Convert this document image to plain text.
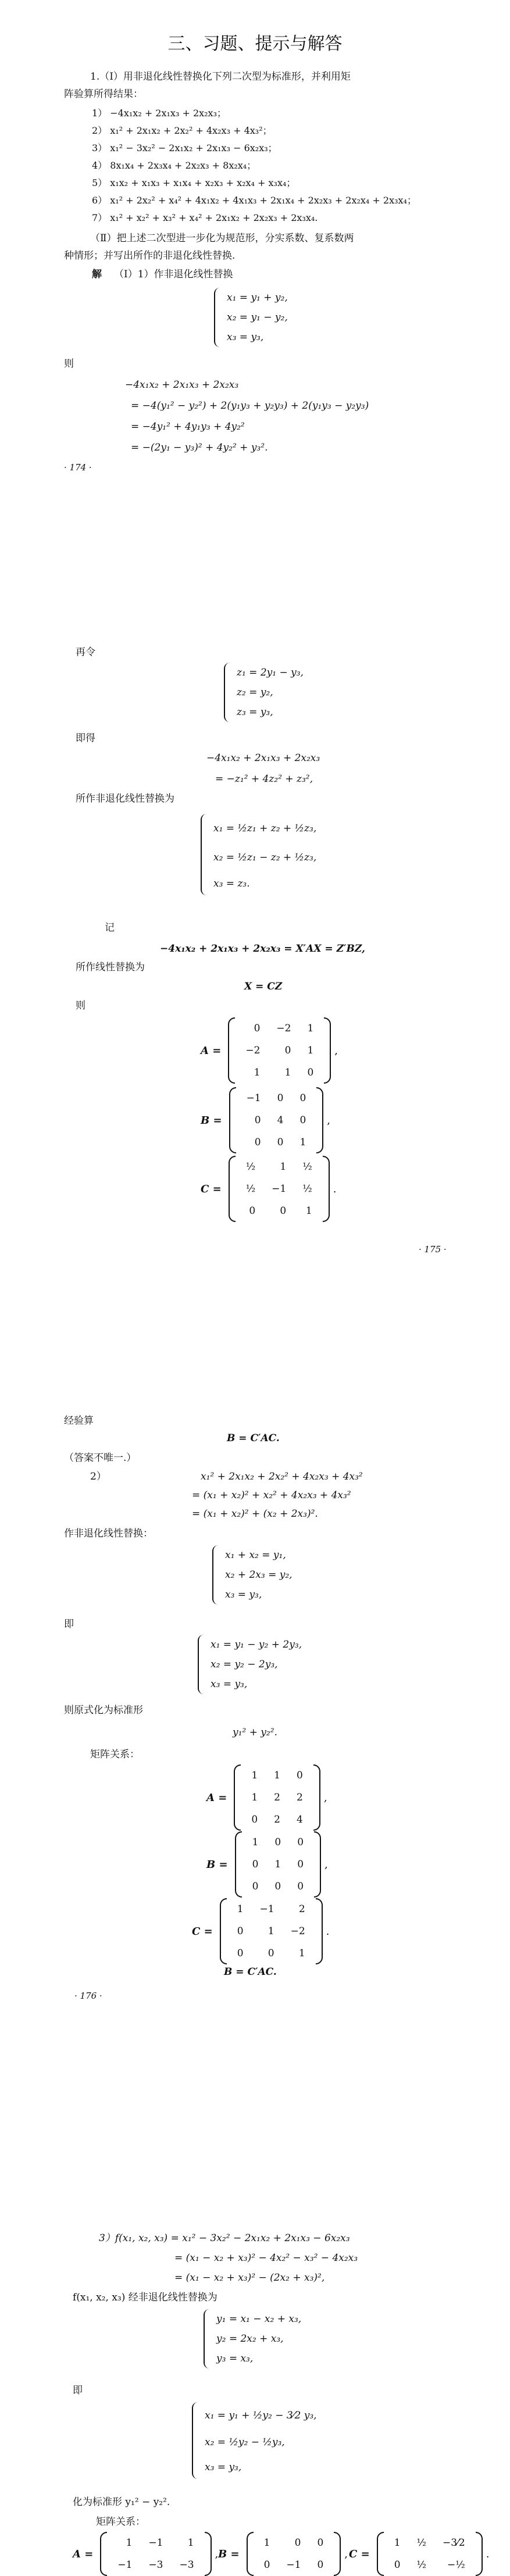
三、习题、提示与解答
1.（Ⅰ）用非退化线性替换化下列二次型为标准形，并利用矩
阵验算所得结果：
1） −4x₁x₂ + 2x₁x₃ + 2x₂x₃；
2） x₁² + 2x₁x₂ + 2x₂² + 4x₂x₃ + 4x₃²；
3） x₁² − 3x₂² − 2x₁x₂ + 2x₁x₃ − 6x₂x₃；
4） 8x₁x₄ + 2x₃x₄ + 2x₂x₃ + 8x₂x₄；
5） x₁x₂ + x₁x₃ + x₁x₄ + x₂x₃ + x₂x₄ + x₃x₄；
6） x₁² + 2x₂² + x₄² + 4x₁x₂ + 4x₁x₃ + 2x₁x₄ + 2x₂x₃ + 2x₂x₄ + 2x₃x₄；
7） x₁² + x₂² + x₃² + x₄² + 2x₁x₂ + 2x₂x₃ + 2x₃x₄.
（Ⅱ）把上述二次型进一步化为规范形，分实系数、复系数两
种情形；并写出所作的非退化线性替换.
解 （Ⅰ）1）作非退化线性替换
x₁ = y₁ + y₂,
x₂ = y₁ − y₂,
x₃ = y₃,
则
−4x₁x₂ + 2x₁x₃ + 2x₂x₃
= −4(y₁² − y₂²) + 2(y₁y₃ + y₂y₃) + 2(y₁y₃ − y₂y₃)
= −4y₁² + 4y₁y₃ + 4y₂²
= −(2y₁ − y₃)² + 4y₂² + y₃².
· 174 ·
再令
z₁ = 2y₁ − y₃,
z₂ = y₂,
z₃ = y₃,
即得
−4x₁x₂ + 2x₁x₃ + 2x₂x₃
= −z₁² + 4z₂² + z₃²,
所作非退化线性替换为
x₁ = ½z₁ + z₂ + ½z₃,
x₂ = ½z₁ − z₂ + ½z₃,
x₃ = z₃.
记
−4x₁x₂ + 2x₁x₃ + 2x₂x₃ = X′AX = Z′BZ,
所作线性替换为
X = CZ
则
A =
0	−2	1
−2	0	1
1	1	0
,
B =
−1	0	0
0	4	0
0	0	1
,
C =
½	1	½
½	−1	½
0	0	1
.
· 175 ·
经验算
B = C′AC.
（答案不唯一.）
2）	x₁² + 2x₁x₂ + 2x₂² + 4x₂x₃ + 4x₃²
= (x₁ + x₂)² + x₂² + 4x₂x₃ + 4x₃²
= (x₁ + x₂)² + (x₂ + 2x₃)².
作非退化线性替换：
x₁ + x₂ = y₁,
x₂ + 2x₃ = y₂,
x₃ = y₃,
即
x₁ = y₁ − y₂ + 2y₃,
x₂ = y₂ − 2y₃,
x₃ = y₃,
则原式化为标准形
y₁² + y₂².
矩阵关系：
A =
1	1	0
1	2	2
0	2	4
,
B =
1	0	0
0	1	0
0	0	0
,
C =
1	−1	2
0	1	−2
0	0	1
.
B = C′AC.
· 176 ·
3）f(x₁, x₂, x₃) = x₁² − 3x₂² − 2x₁x₂ + 2x₁x₃ − 6x₂x₃
= (x₁ − x₂ + x₃)² − 4x₂² − x₃² − 4x₂x₃
= (x₁ − x₂ + x₃)² − (2x₂ + x₃)²,
f(x₁, x₂, x₃) 经非退化线性替换为
y₁ = x₁ − x₂ + x₃,
y₂ = 2x₂ + x₃,
y₃ = x₃,
即
x₁ = y₁ + ½y₂ − 3⁄2 y₃,
x₂ = ½y₂ − ½y₃,
x₃ = y₃,
化为标准形 y₁² − y₂².
矩阵关系：
A =
1	−1	1
−1	−3	−3
, B =
1	0	0
0	−1	0
, C =
1	½	−3⁄2
0	½	−½
.
